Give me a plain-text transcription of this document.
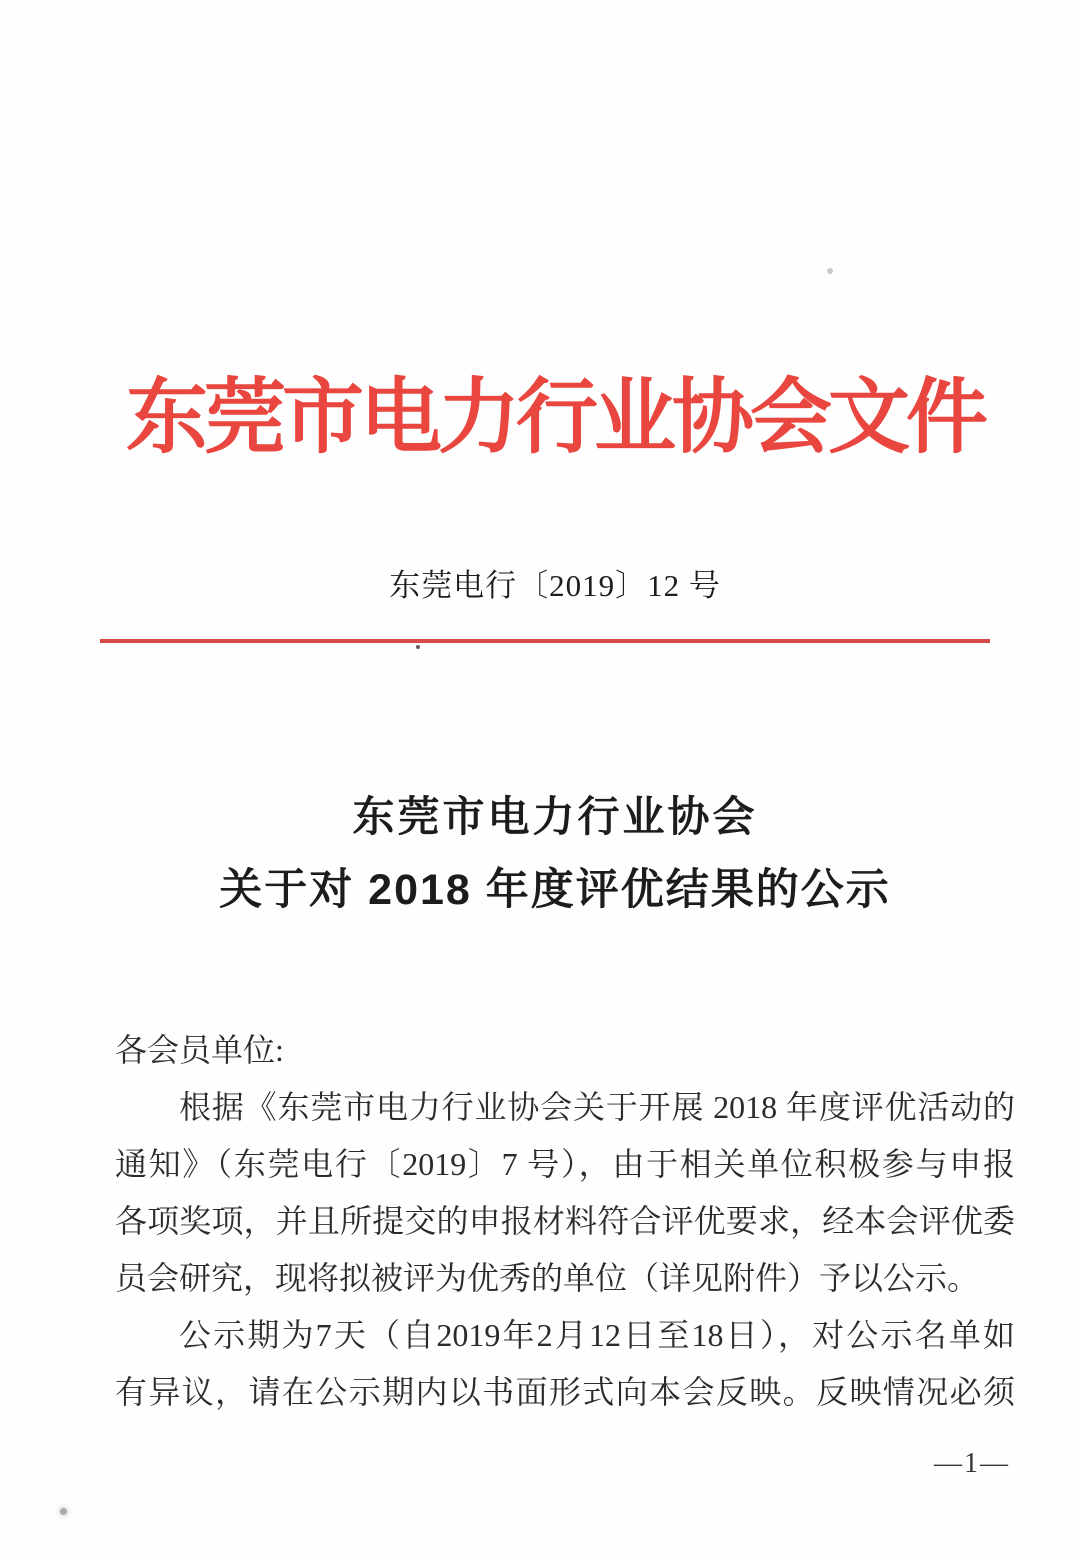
东莞市电力行业协会文件
东莞电行〔2019〕12 号
东莞市电力行业协会
关于对 2018 年度评优结果的公示
各会员单位:
根据《东莞市电力行业协会关于开展 2018 年度评优活动的
通知》（东莞电行〔2019〕7 号），由于相关单位积极参与申报
各项奖项，并且所提交的申报材料符合评优要求，经本会评优委
员会研究，现将拟被评为优秀的单位（详见附件）予以公示。
公示期为7天（自2019年2月12日至18日），对公示名单如
有异议，请在公示期内以书面形式向本会反映。反映情况必须
—1—
